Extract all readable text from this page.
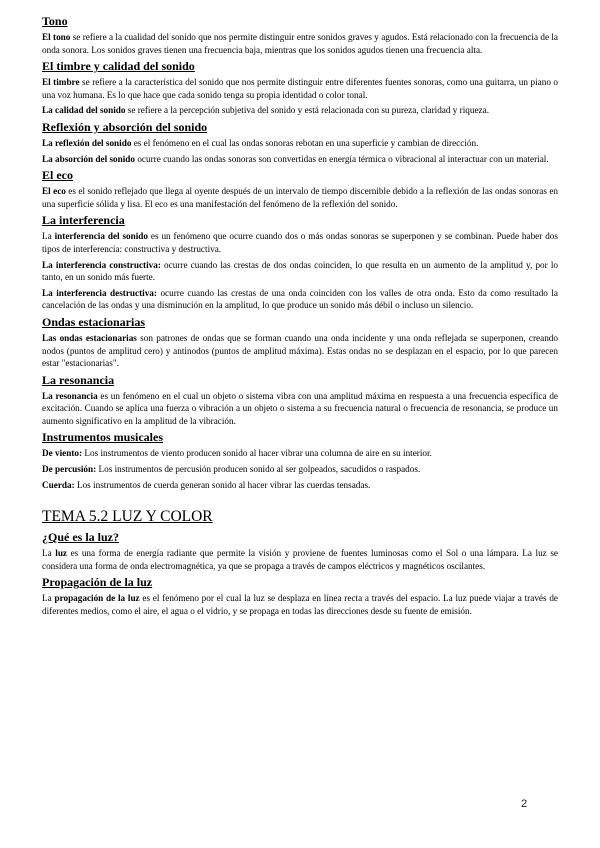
Tono
El tono se refiere a la cualidad del sonido que nos permite distinguir entre sonidos graves y agudos. Está relacionado con la frecuencia de la onda sonora. Los sonidos graves tienen una frecuencia baja, mientras que los sonidos agudos tienen una frecuencia alta.
El timbre y calidad del sonido
El timbre se refiere a la característica del sonido que nos permite distinguir entre diferentes fuentes sonoras, como una guitarra, un piano o una voz humana. Es lo que hace que cada sonido tenga su propia identidad o color tonal.
La calidad del sonido se refiere a la percepción subjetiva del sonido y está relacionada con su pureza, claridad y riqueza.
Reflexión y absorción del sonido
La reflexión del sonido es el fenómeno en el cual las ondas sonoras rebotan en una superficie y cambian de dirección.
La absorción del sonido ocurre cuando las ondas sonoras son convertidas en energía térmica o vibracional al interactuar con un material.
El eco
El eco es el sonido reflejado que llega al oyente después de un intervalo de tiempo discernible debido a la reflexión de las ondas sonoras en una superficie sólida y lisa. El eco es una manifestación del fenómeno de la reflexión del sonido.
La interferencia
La interferencia del sonido es un fenómeno que ocurre cuando dos o más ondas sonoras se superponen y se combinan. Puede haber dos tipos de interferencia: constructiva y destructiva.
La interferencia constructiva: ocurre cuando las crestas de dos ondas coinciden, lo que resulta en un aumento de la amplitud y, por lo tanto, en un sonido más fuerte.
La interferencia destructiva: ocurre cuando las crestas de una onda coinciden con los valles de otra onda. Esto da como resultado la cancelación de las ondas y una disminución en la amplitud, lo que produce un sonido más débil o incluso un silencio.
Ondas estacionarias
Las ondas estacionarias son patrones de ondas que se forman cuando una onda incidente y una onda reflejada se superponen, creando nodos (puntos de amplitud cero) y antinodos (puntos de amplitud máxima). Estas ondas no se desplazan en el espacio, por lo que parecen estar "estacionarias".
La resonancia
La resonancia es un fenómeno en el cual un objeto o sistema vibra con una amplitud máxima en respuesta a una frecuencia específica de excitación. Cuando se aplica una fuerza o vibración a un objeto o sistema a su frecuencia natural o frecuencia de resonancia, se produce un aumento significativo en la amplitud de la vibración.
Instrumentos musicales
De viento: Los instrumentos de viento producen sonido al hacer vibrar una columna de aire en su interior.
De percusión: Los instrumentos de percusión producen sonido al ser golpeados, sacudidos o raspados.
Cuerda: Los instrumentos de cuerda generan sonido al hacer vibrar las cuerdas tensadas.
TEMA 5.2 LUZ Y COLOR
¿Qué es la luz?
La luz es una forma de energía radiante que permite la visión y proviene de fuentes luminosas como el Sol o una lámpara. La luz se considera una forma de onda electromagnética, ya que se propaga a través de campos eléctricos y magnéticos oscilantes.
Propagación de la luz
La propagación de la luz es el fenómeno por el cual la luz se desplaza en línea recta a través del espacio. La luz puede viajar a través de diferentes medios, como el aire, el agua o el vidrio, y se propaga en todas las direcciones desde su fuente de emisión.
2
